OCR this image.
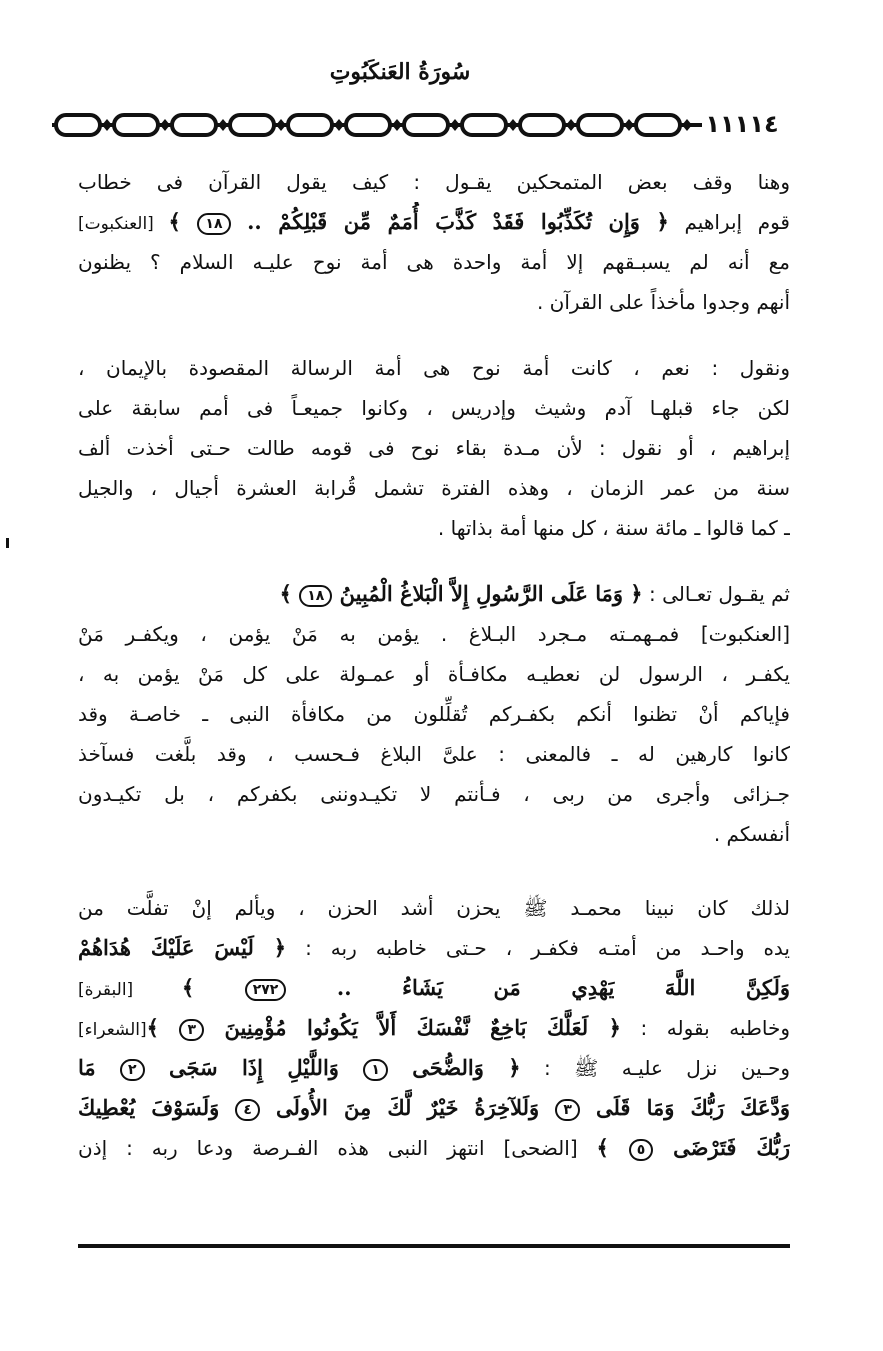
سُورَةُ العَنكَبُوتِ
١١١١٤
وهنا وقف بعض المتمحكين يقـول : كيف يقول القرآن فى خطاب
قوم إبراهيم ﴿ وَإِن تُكَذِّبُوا فَقَدْ كَذَّبَ أُمَمٌ مِّن قَبْلِكُمْ .. ١٨ ﴾ [العنكبوت]
مع أنه لم يسبـقهم إلا أمة واحدة هى أمة نوح عليـه السلام ؟ يظنون
أنهم وجدوا مأخذاً على القرآن .
ونقول : نعم ، كانت أمة نوح هى أمة الرسالة المقصودة بالإيمان ،
لكن جاء قبلهـا آدم وشيث وإدريس ، وكانوا جميعـاً فى أمم سابقة على
إبراهيم ، أو نقول : لأن مـدة بقاء نوح فى قومه طالت حـتى أخذت ألف
سنة من عمر الزمان ، وهذه الفترة تشمل قُرابة العشرة أجيال ، والجيل
ـ كما قالوا ـ مائة سنة ، كل منها أمة بذاتها .
ثم يقـول تعـالى : ﴿ وَمَا عَلَى الرَّسُولِ إِلاَّ الْبَلاغُ الْمُبِينُ ١٨ ﴾
[العنكبوت] فمـهمـته مـجرد البـلاغ . يؤمن به مَنْ يؤمن ، ويكفـر مَنْ
يكفـر ، الرسول لن نعطيـه مكافـأة أو عمـولة على كل مَنْ يؤمن به ،
فإياكم أنْ تظنوا أنكم بكفـركم تُقلِّلون من مكافأة النبى ـ خاصـة وقد
كانوا كارهين له ـ فالمعنى : علىَّ البلاغ فـحسب ، وقد بلَّغت فسآخذ
جـزائى وأجرى من ربى ، فـأنتم لا تكيـدوننى بكفركم ، بل تكيـدون
أنفسكم .
لذلك كان نبينا محمـد ﷺ يحزن أشد الحزن ، ويألم إنْ تفلَّت من
يده واحـد من أمتـه فكفـر ، حـتى خاطبه ربه : ﴿ لَيْسَ عَلَيْكَ هُدَاهُمْ
وَلَكِنَّ اللَّهَ يَهْدِي مَن يَشَاءُ .. ٢٧٢ ﴾ [البقرة]
وخاطبه بقوله : ﴿ لَعَلَّكَ بَاخِعٌ نَّفْسَكَ أَلاَّ يَكُونُوا مُؤْمِنِينَ ٣ ﴾[الشعراء]
وحـين نزل عليـه ﷺ : ﴿ وَالضُّحَى ١ وَاللَّيْلِ إِذَا سَجَى ٢ مَا
وَدَّعَكَ رَبُّكَ وَمَا قَلَى ٣ وَلَلآخِرَةُ خَيْرٌ لَّكَ مِنَ الأُولَى ٤ وَلَسَوْفَ يُعْطِيكَ
رَبُّكَ فَتَرْضَى ٥ ﴾ [الضحى] انتهز النبى هذه الفـرصة ودعا ربه : إذن
